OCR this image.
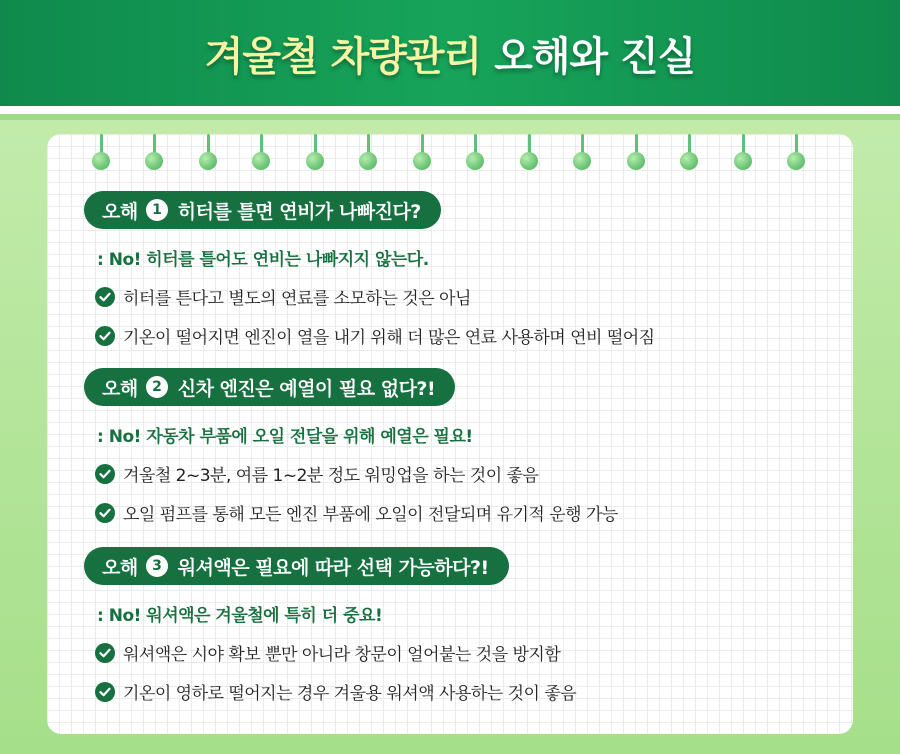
겨울철 차량관리 오해와 진실
오해	1 히터를 틀면 연비가 나빠진다?
: No! 히터를 틀어도 연비는 나빠지지 않는다.
히터를 튼다고 별도의 연료를 소모하는 것은 아님
기온이 떨어지면 엔진이 열을 내기 위해 더 많은 연료 사용하며 연비 떨어짐
오해	2 신차 엔진은 예열이 필요 없다?!
: No! 자동차 부품에 오일 전달을 위해 예열은 필요!
겨울철 2~3분, 여름 1~2분 정도 워밍업을 하는 것이 좋음
오일 펌프를 통해 모든 엔진 부품에 오일이 전달되며 유기적 운행 가능
오해	3 워셔액은 필요에 따라 선택 가능하다?!
: No! 워셔액은 겨울철에 특히 더 중요!
워셔액은 시야 확보 뿐만 아니라 창문이 얼어붙는 것을 방지함
기온이 영하로 떨어지는 경우 겨울용 워셔액 사용하는 것이 좋음
